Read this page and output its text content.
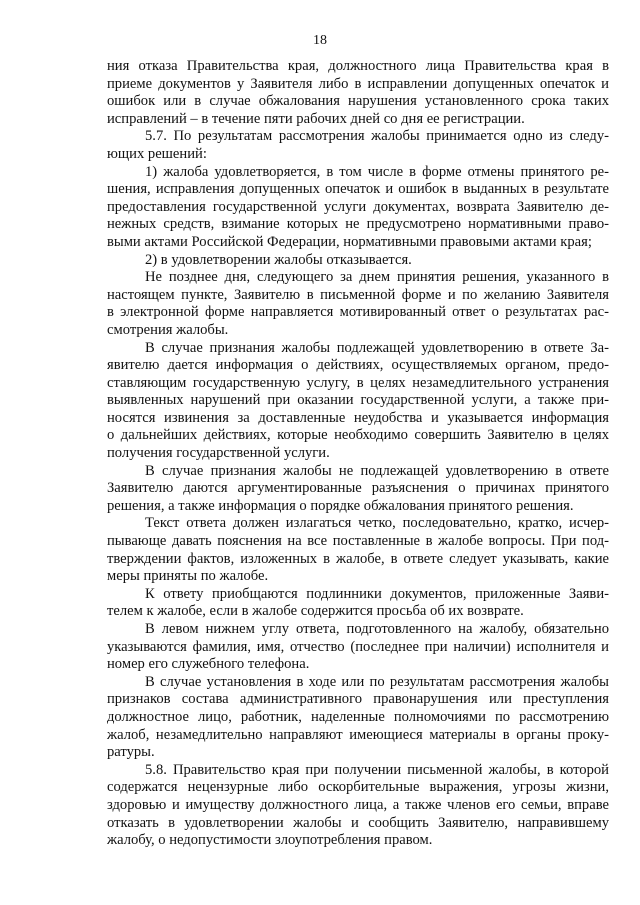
18
ния отказа Правительства края, должностного лица Правительства края в
приеме документов у Заявителя либо в исправлении допущенных опечаток и
ошибок или в случае обжалования нарушения установленного срока таких
исправлений – в течение пяти рабочих дней со дня ее регистрации.
5.7. По результатам рассмотрения жалобы принимается одно из следу-
ющих решений:
1) жалоба удовлетворяется, в том числе в форме отмены принятого ре-
шения, исправления допущенных опечаток и ошибок в выданных в результате
предоставления государственной услуги документах, возврата Заявителю де-
нежных средств, взимание которых не предусмотрено нормативными право-
выми актами Российской Федерации, нормативными правовыми актами края;
2) в удовлетворении жалобы отказывается.
Не позднее дня, следующего за днем принятия решения, указанного в
настоящем пункте, Заявителю в письменной форме и по желанию Заявителя
в электронной форме направляется мотивированный ответ о результатах рас-
смотрения жалобы.
В случае признания жалобы подлежащей удовлетворению в ответе За-
явителю дается информация о действиях, осуществляемых органом, предо-
ставляющим государственную услугу, в целях незамедлительного устранения
выявленных нарушений при оказании государственной услуги, а также при-
носятся извинения за доставленные неудобства и указывается информация
о дальнейших действиях, которые необходимо совершить Заявителю в целях
получения государственной услуги.
В случае признания жалобы не подлежащей удовлетворению в ответе
Заявителю даются аргументированные разъяснения о причинах принятого
решения, а также информация о порядке обжалования принятого решения.
Текст ответа должен излагаться четко, последовательно, кратко, исчер-
пывающе давать пояснения на все поставленные в жалобе вопросы. При под-
тверждении фактов, изложенных в жалобе, в ответе следует указывать, какие
меры приняты по жалобе.
К ответу приобщаются подлинники документов, приложенные Заяви-
телем к жалобе, если в жалобе содержится просьба об их возврате.
В левом нижнем углу ответа, подготовленного на жалобу, обязательно
указываются фамилия, имя, отчество (последнее при наличии) исполнителя и
номер его служебного телефона.
В случае установления в ходе или по результатам рассмотрения жалобы
признаков состава административного правонарушения или преступления
должностное лицо, работник, наделенные полномочиями по рассмотрению
жалоб, незамедлительно направляют имеющиеся материалы в органы проку-
ратуры.
5.8. Правительство края при получении письменной жалобы, в которой
содержатся нецензурные либо оскорбительные выражения, угрозы жизни,
здоровью и имуществу должностного лица, а также членов его семьи, вправе
отказать в удовлетворении жалобы и сообщить Заявителю, направившему
жалобу, о недопустимости злоупотребления правом.
